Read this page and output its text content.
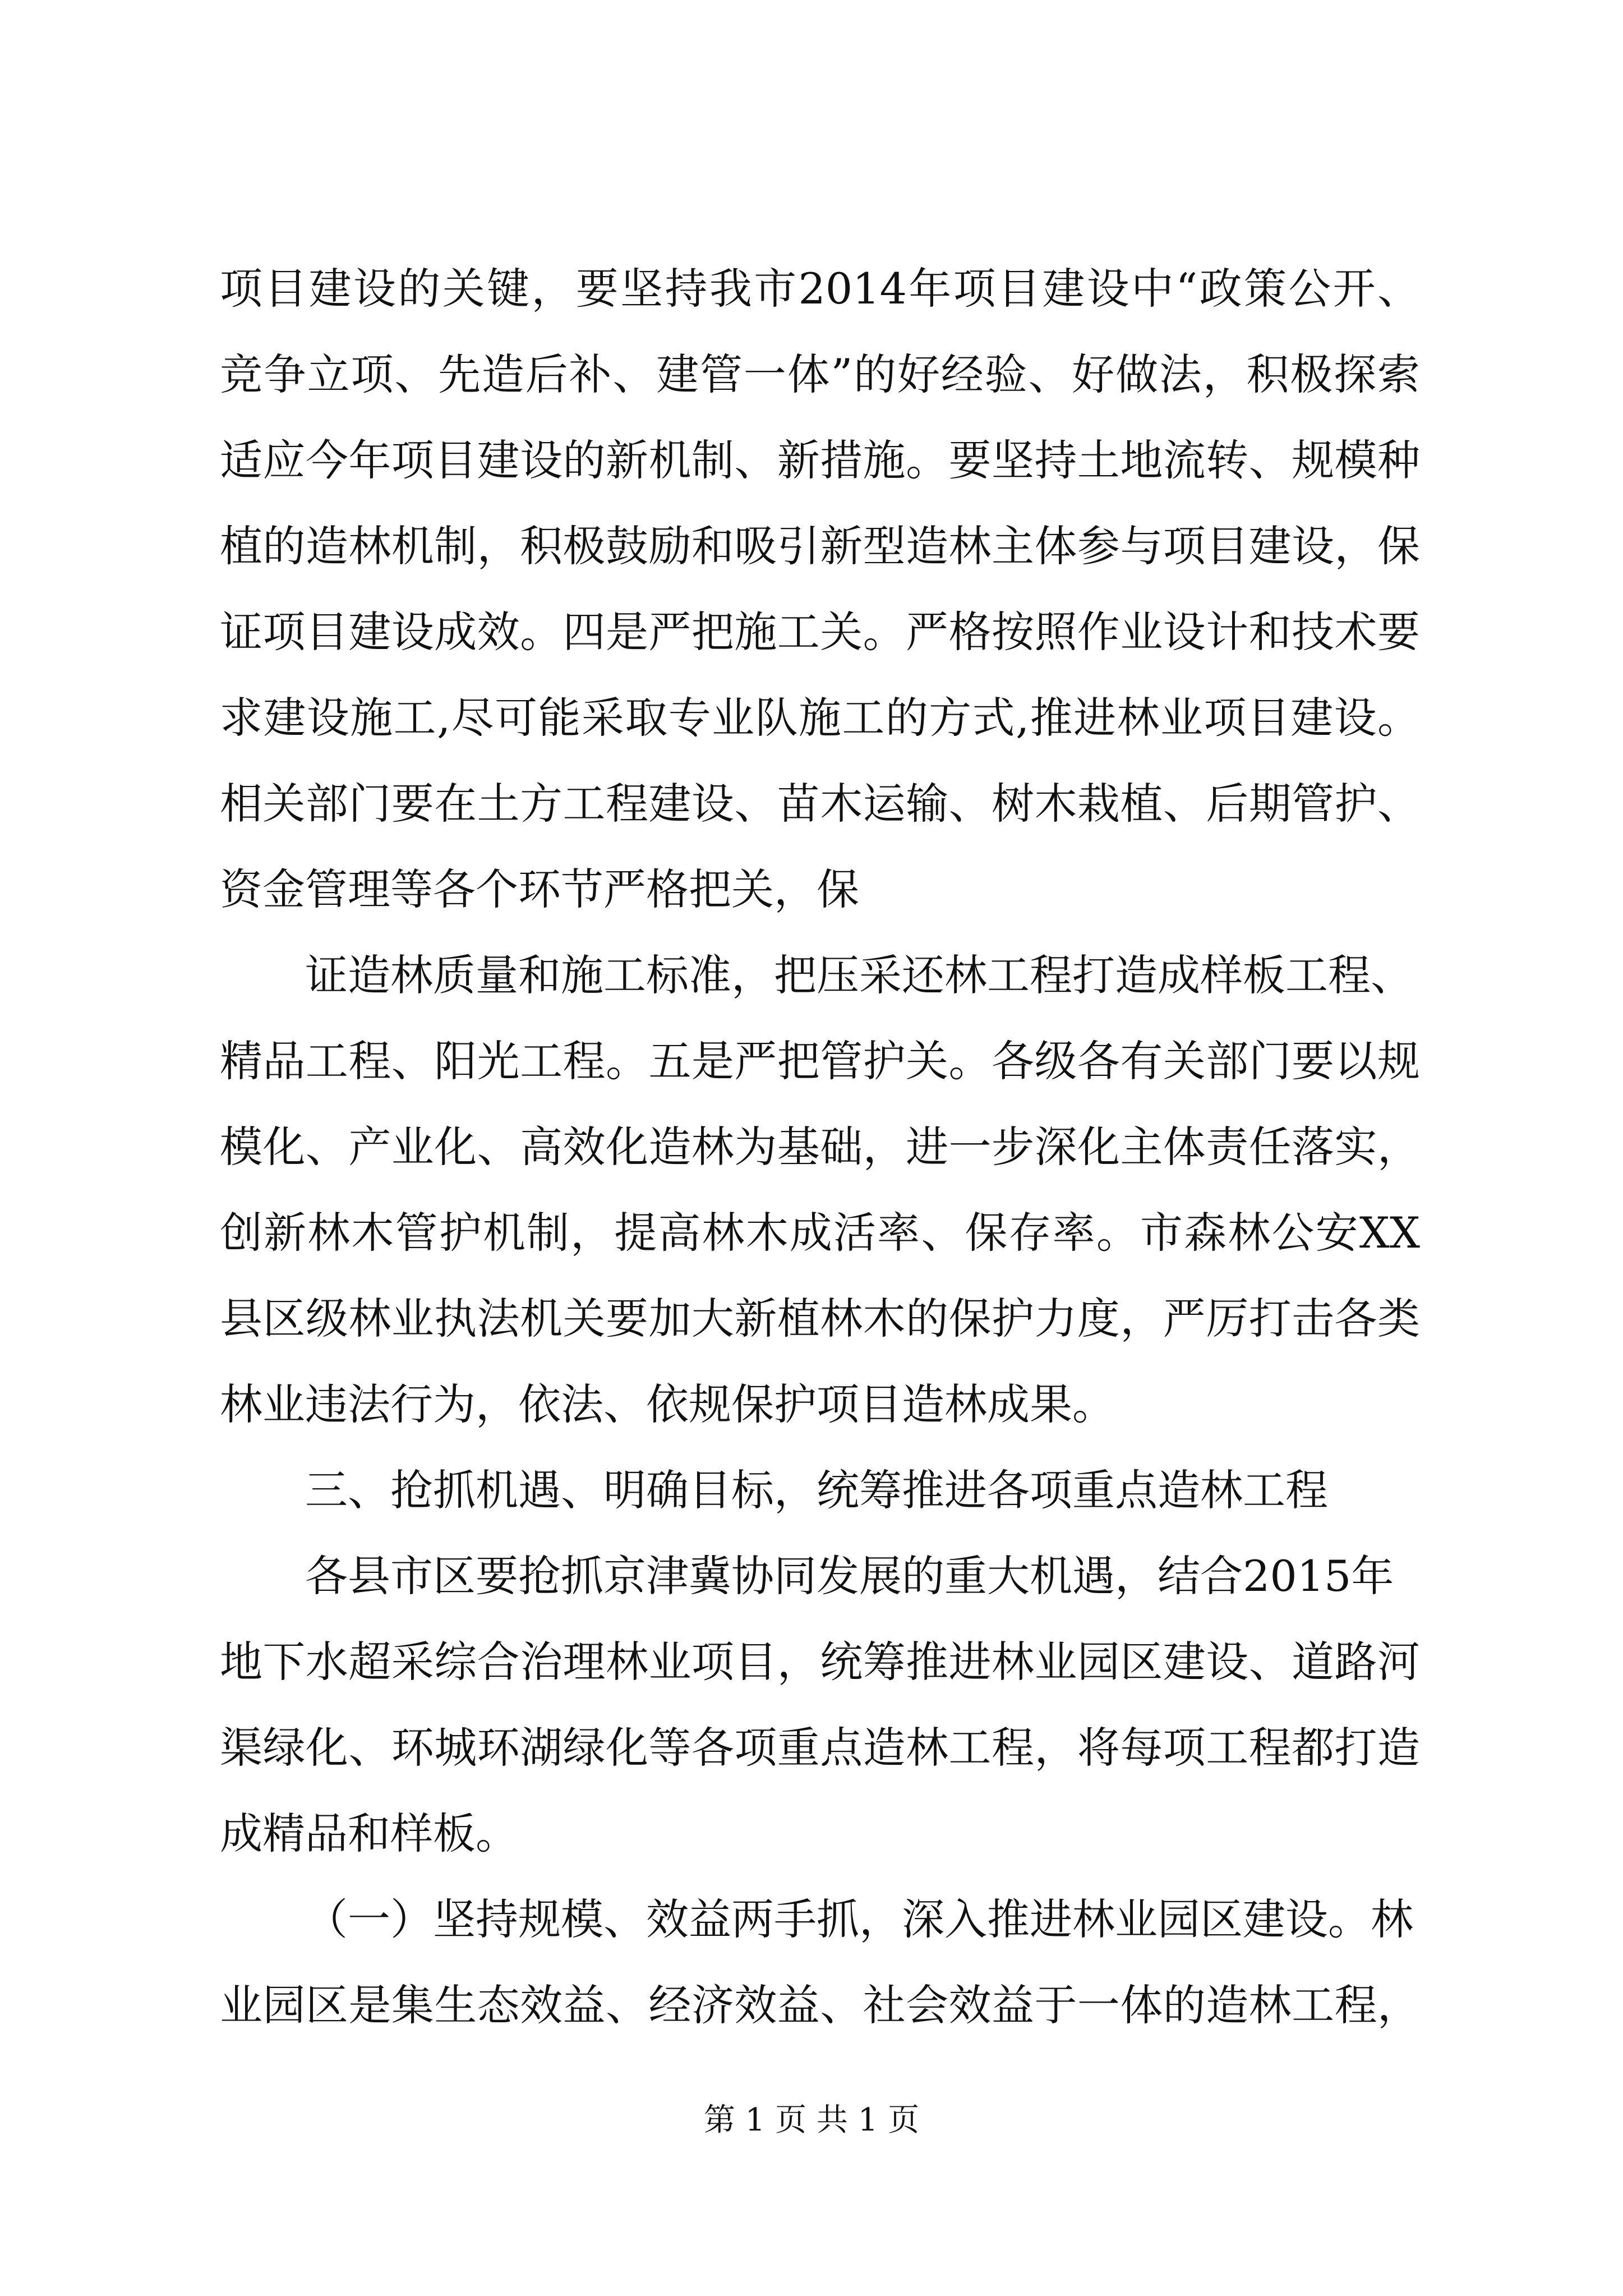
项目建设的关键，要坚持我市2014年项目建设中“政策公开、
竞争立项、先造后补、建管一体”的好经验、好做法，积极探索
适应今年项目建设的新机制、新措施。要坚持土地流转、规模种
植的造林机制，积极鼓励和吸引新型造林主体参与项目建设，保
证项目建设成效。四是严把施工关。严格按照作业设计和技术要
求建设施工,尽可能采取专业队施工的方式,推进林业项目建设。
相关部门要在土方工程建设、苗木运输、树木栽植、后期管护、
资金管理等各个环节严格把关，保
证造林质量和施工标准，把压采还林工程打造成样板工程、
精品工程、阳光工程。五是严把管护关。各级各有关部门要以规
模化、产业化、高效化造林为基础，进一步深化主体责任落实，
创新林木管护机制，提高林木成活率、保存率。市森林公安XX
县区级林业执法机关要加大新植林木的保护力度，严厉打击各类
林业违法行为，依法、依规保护项目造林成果。
三、抢抓机遇、明确目标，统筹推进各项重点造林工程
各县市区要抢抓京津冀协同发展的重大机遇，结合2015年
地下水超采综合治理林业项目，统筹推进林业园区建设、道路河
渠绿化、环城环湖绿化等各项重点造林工程，将每项工程都打造
成精品和样板。
（一）坚持规模、效益两手抓，深入推进林业园区建设。林
业园区是集生态效益、经济效益、社会效益于一体的造林工程，
第 1 页 共 1 页
